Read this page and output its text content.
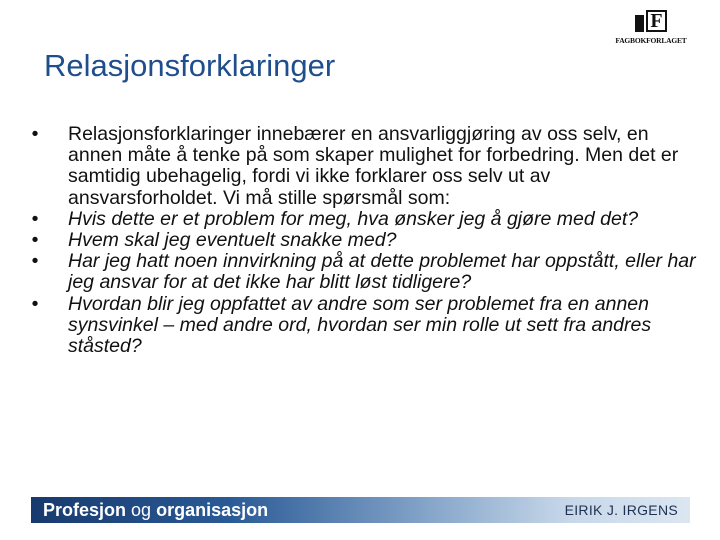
F
FAGBOKFORLAGET
Relasjonsforklaringer
• Relasjonsforklaringer innebærer en ansvarliggjøring av oss selv, en annen måte å tenke på som skaper mulighet for forbedring. Men det er samtidig ubehagelig, fordi vi ikke forklarer oss selv ut av ansvarsforholdet. Vi må stille spørsmål som:
• Hvis dette er et problem for meg, hva ønsker jeg å gjøre med det?
• Hvem skal jeg eventuelt snakke med?
• Har jeg hatt noen innvirkning på at dette problemet har oppstått, eller har jeg ansvar for at det ikke har blitt løst tidligere?
• Hvordan blir jeg oppfattet av andre som ser problemet fra en annen synsvinkel – med andre ord, hvordan ser min rolle ut sett fra andres ståsted?
Profesjon og organisasjon	EIRIK J. IRGENS
